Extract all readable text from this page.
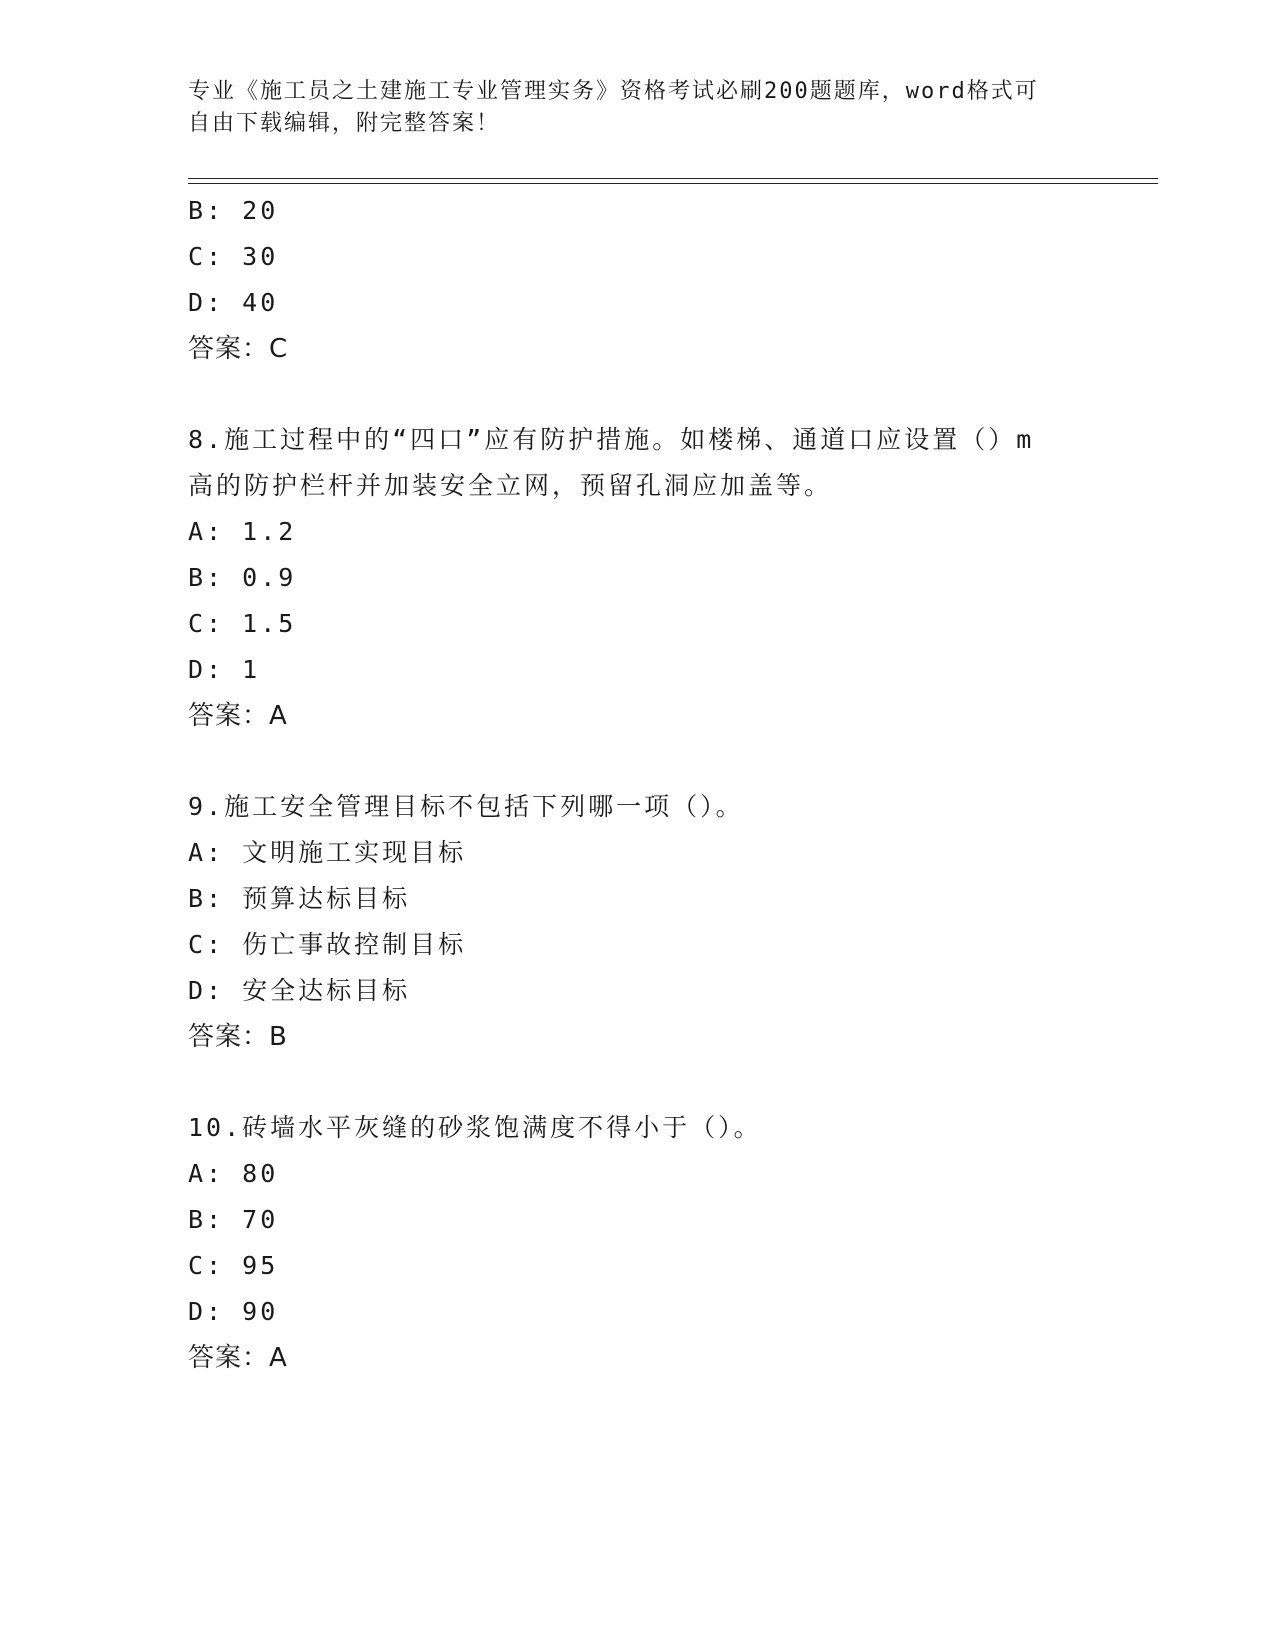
专业《施工员之土建施工专业管理实务》资格考试必刷200题题库，word格式可
自由下载编辑，附完整答案！
B: 20
C: 30
D: 40
答案：C
8.施工过程中的“四口”应有防护措施。如楼梯、通道口应设置（）m
高的防护栏杆并加装安全立网，预留孔洞应加盖等。
A: 1.2
B: 0.9
C: 1.5
D: 1
答案：A
9.施工安全管理目标不包括下列哪一项（）。
A: 文明施工实现目标
B: 预算达标目标
C: 伤亡事故控制目标
D: 安全达标目标
答案：B
10.砖墙水平灰缝的砂浆饱满度不得小于（）。
A: 80
B: 70
C: 95
D: 90
答案：A
